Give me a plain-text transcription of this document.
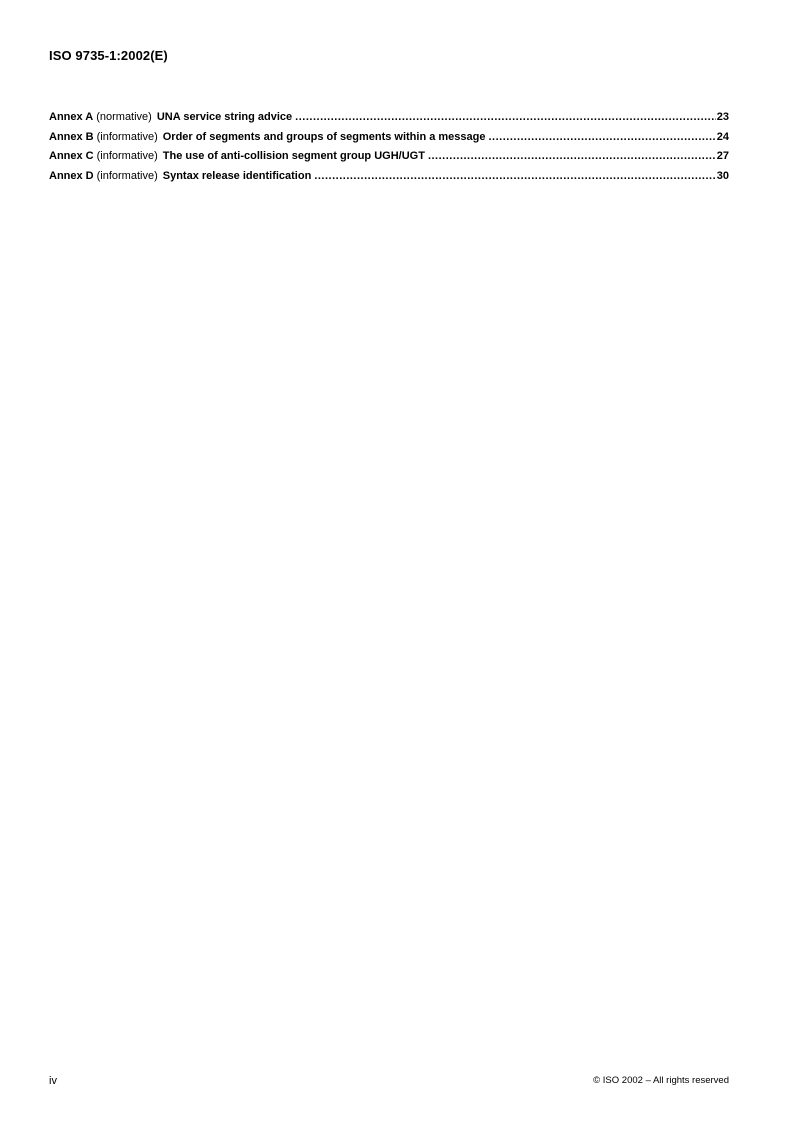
ISO 9735-1:2002(E)
Annex A (normative) UNA service string advice .....	23
Annex B (informative) Order of segments and groups of segments within a message .....	24
Annex C (informative) The use of anti-collision segment group UGH/UGT .....	27
Annex D (informative) Syntax release identification .....	30
iv	© ISO 2002 – All rights reserved
